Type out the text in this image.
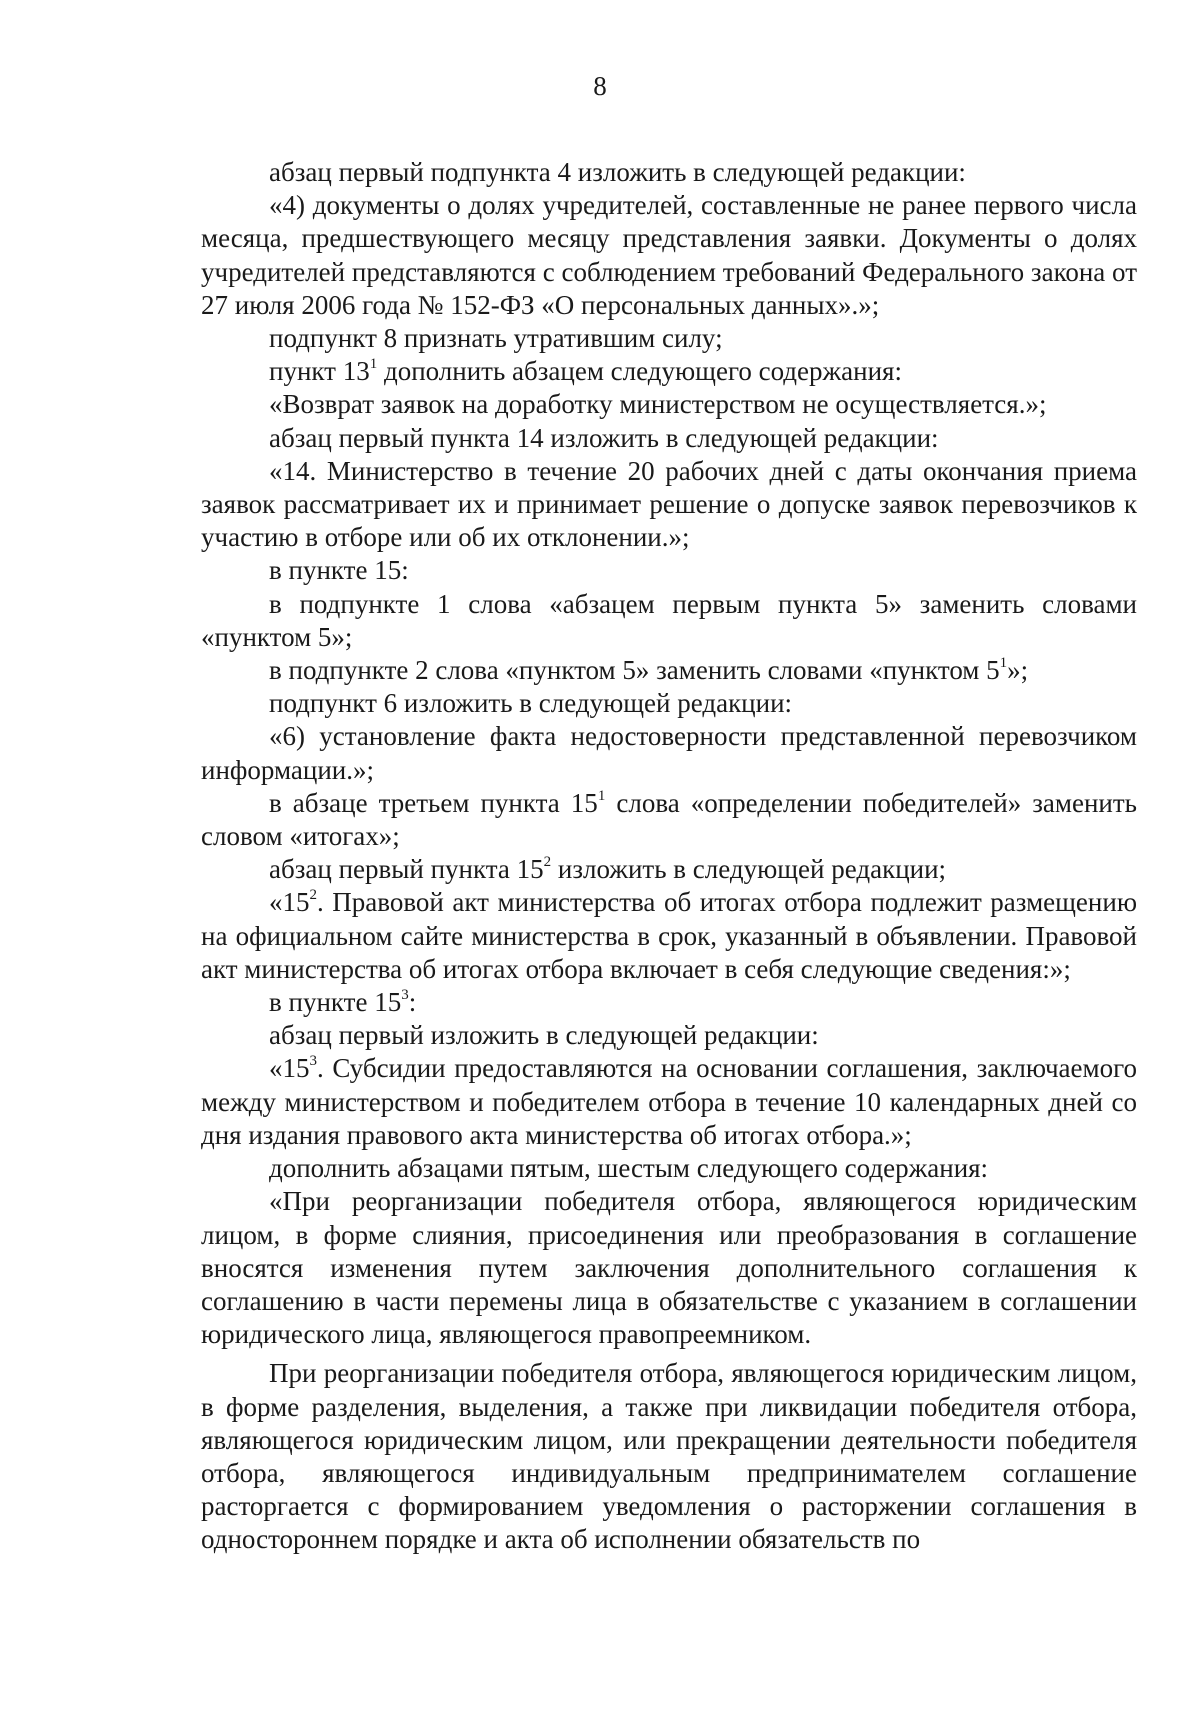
8

абзац первый подпункта 4 изложить в следующей редакции:

«4) документы о долях учредителей, составленные не ранее первого числа месяца, предшествующего месяцу представления заявки. Документы о долях учредителей представляются с соблюдением требований Федерального закона от 27 июля 2006 года № 152-ФЗ «О персональных данных».»;

подпункт 8 признать утратившим силу;

пункт $13^1$ дополнить абзацем следующего содержания:

«Возврат заявок на доработку министерством не осуществляется.»;

абзац первый пункта 14 изложить в следующей редакции:

«14. Министерство в течение 20 рабочих дней с даты окончания приема заявок рассматривает их и принимает решение о допуске заявок перевозчиков к участию в отборе или об их отклонении.»;

в пункте 15:

в подпункте 1 слова «абзацем первым пункта 5» заменить словами «пунктом 5»;

в подпункте 2 слова «пунктом 5» заменить словами «пунктом $5^1$»;

подпункт 6 изложить в следующей редакции:

«6) установление факта недостоверности представленной перевозчиком информации.»;

в абзаце третьем пункта $15^1$ слова «определении победителей» заменить словом «итогах»;

абзац первый пункта $15^2$ изложить в следующей редакции;

«$15^2$. Правовой акт министерства об итогах отбора подлежит размещению на официальном сайте министерства в срок, указанный в объявлении. Правовой акт министерства об итогах отбора включает в себя следующие сведения:»;

в пункте $15^3$:

абзац первый изложить в следующей редакции:

«$15^3$. Субсидии предоставляются на основании соглашения, заключаемого между министерством и победителем отбора в течение 10 календарных дней со дня издания правового акта министерства об итогах отбора.»;

дополнить абзацами пятым, шестым следующего содержания:

«При реорганизации победителя отбора, являющегося юридическим лицом, в форме слияния, присоединения или преобразования в соглашение вносятся изменения путем заключения дополнительного соглашения к соглашению в части перемены лица в обязательстве с указанием в соглашении юридического лица, являющегося правопреемником.

При реорганизации победителя отбора, являющегося юридическим лицом, в форме разделения, выделения, а также при ликвидации победителя отбора, являющегося юридическим лицом, или прекращении деятельности победителя отбора, являющегося индивидуальным предпринимателем соглашение расторгается с формированием уведомления о расторжении соглашения в одностороннем порядке и акта об исполнении обязательств по
